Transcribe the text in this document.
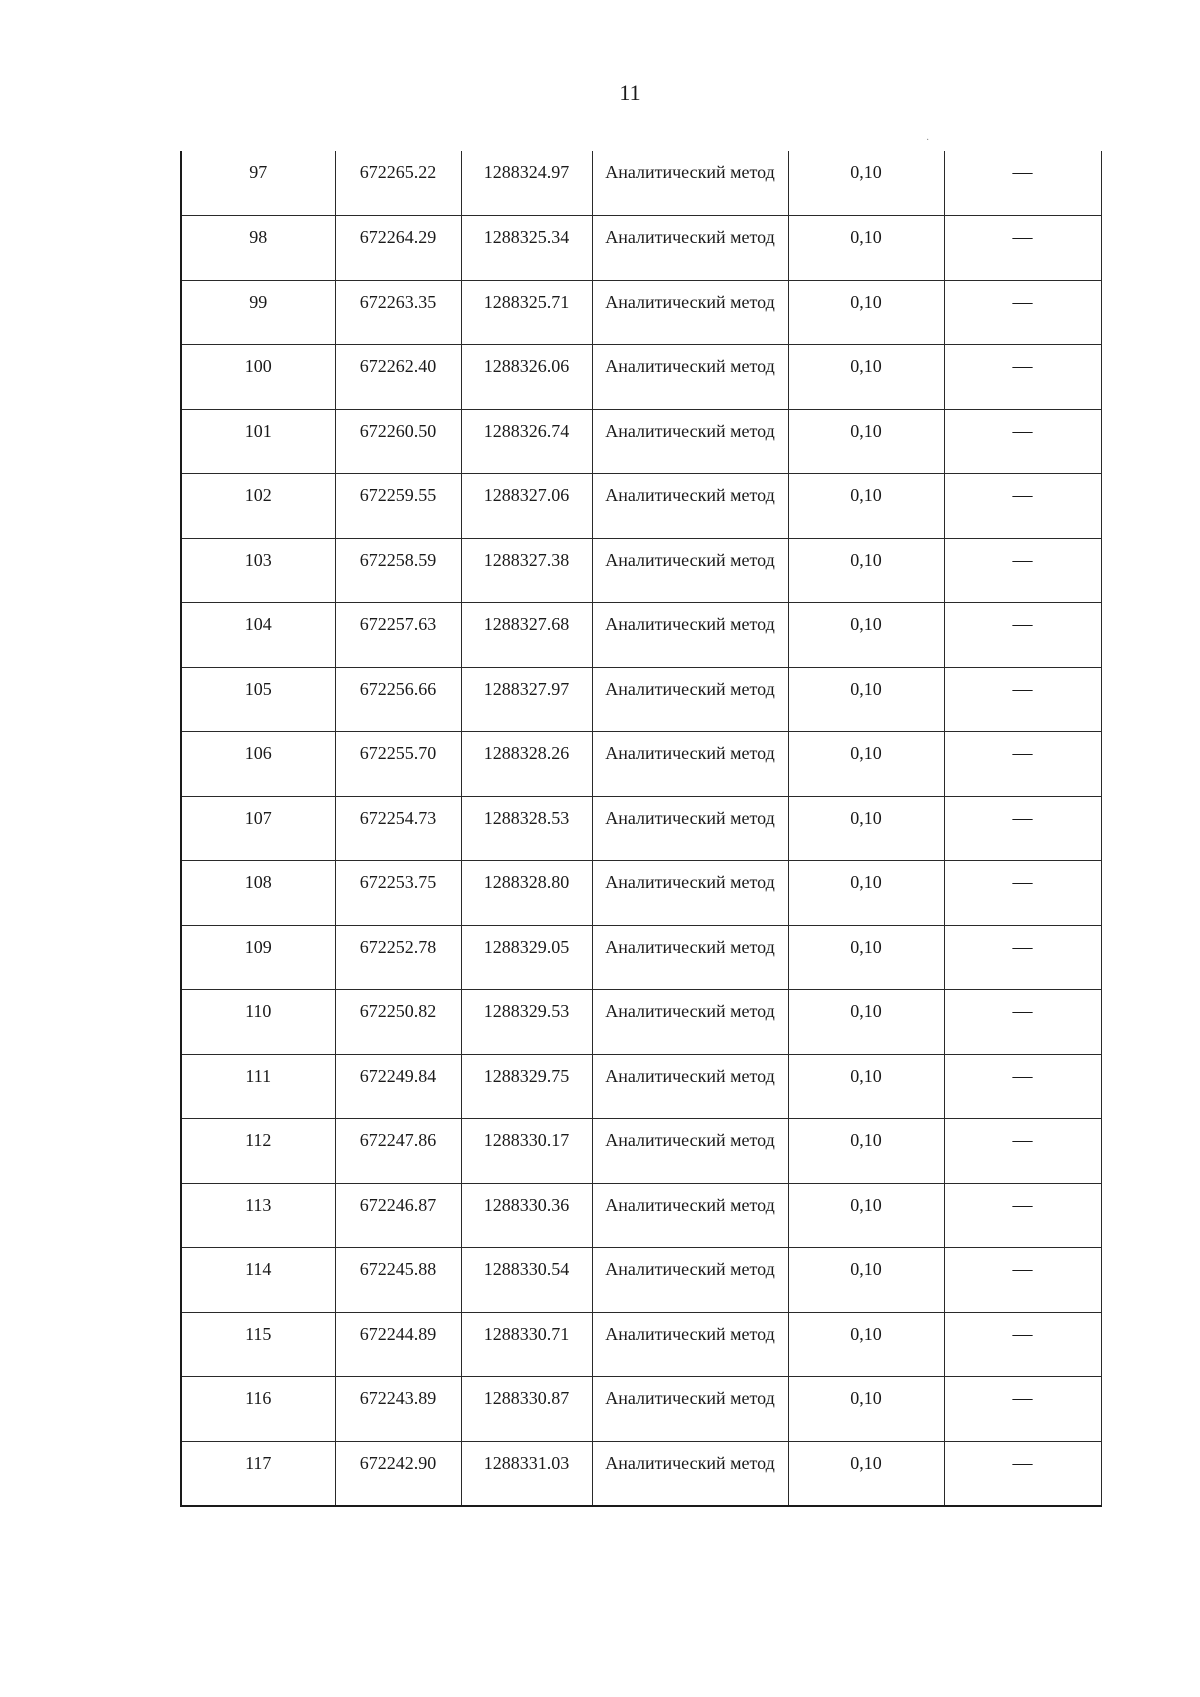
11
97	672265.22	1288324.97	Аналитический метод	0,10	—
98	672264.29	1288325.34	Аналитический метод	0,10	—
99	672263.35	1288325.71	Аналитический метод	0,10	—
100	672262.40	1288326.06	Аналитический метод	0,10	—
101	672260.50	1288326.74	Аналитический метод	0,10	—
102	672259.55	1288327.06	Аналитический метод	0,10	—
103	672258.59	1288327.38	Аналитический метод	0,10	—
104	672257.63	1288327.68	Аналитический метод	0,10	—
105	672256.66	1288327.97	Аналитический метод	0,10	—
106	672255.70	1288328.26	Аналитический метод	0,10	—
107	672254.73	1288328.53	Аналитический метод	0,10	—
108	672253.75	1288328.80	Аналитический метод	0,10	—
109	672252.78	1288329.05	Аналитический метод	0,10	—
110	672250.82	1288329.53	Аналитический метод	0,10	—
111	672249.84	1288329.75	Аналитический метод	0,10	—
112	672247.86	1288330.17	Аналитический метод	0,10	—
113	672246.87	1288330.36	Аналитический метод	0,10	—
114	672245.88	1288330.54	Аналитический метод	0,10	—
115	672244.89	1288330.71	Аналитический метод	0,10	—
116	672243.89	1288330.87	Аналитический метод	0,10	—
117	672242.90	1288331.03	Аналитический метод	0,10	—
·
